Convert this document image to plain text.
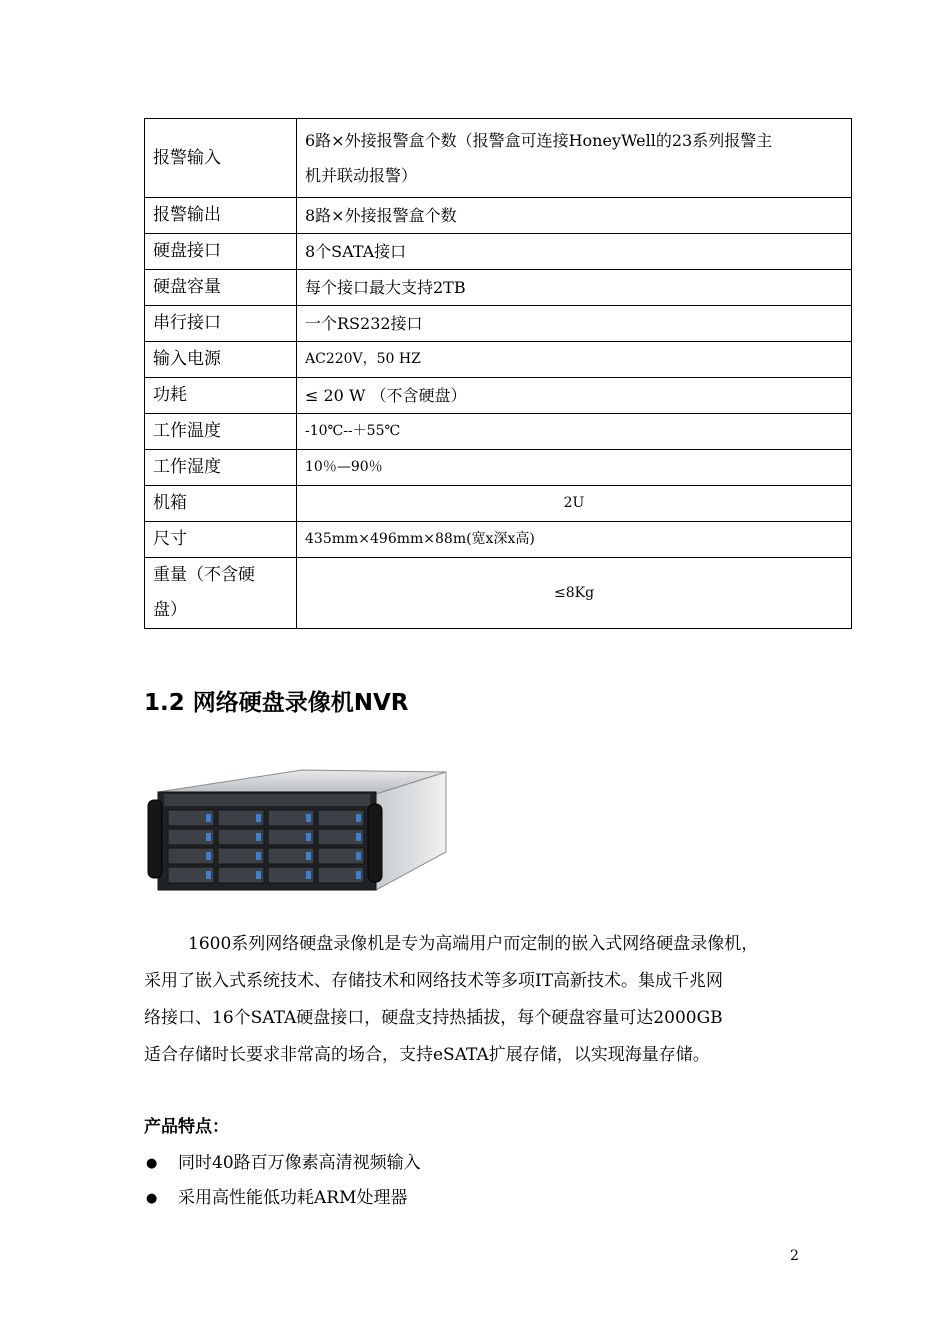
报警输入	6路×外接报警盒个数（报警盒可连接HoneyWell的23系列报警主
机并联动报警）

报警输出	8路×外接报警盒个数
硬盘接口	8个SATA接口
硬盘容量	每个接口最大支持2TB
串行接口	一个RS232接口
输入电源	AC220V，50 HZ
功耗	≤ 20 W （不含硬盘）
工作温度	-10℃--＋55℃
工作湿度	10％—90％
机箱	2U
尺寸	435mm×496mm×88m(宽x深x高)

重量（不含硬
盘）	≤8Kg
1.2 网络硬盘录像机NVR

1600系列网络硬盘录像机是专为高端用户而定制的嵌入式网络硬盘录像机，
采用了嵌入式系统技术、存储技术和网络技术等多项IT高新技术。集成千兆网
络接口、16个SATA硬盘接口，硬盘支持热插拔，每个硬盘容量可达2000GB
适合存储时长要求非常高的场合，支持eSATA扩展存储，以实现海量存储。

产品特点：

● 同时40路百万像素高清视频输入
● 采用高性能低功耗ARM处理器
2
